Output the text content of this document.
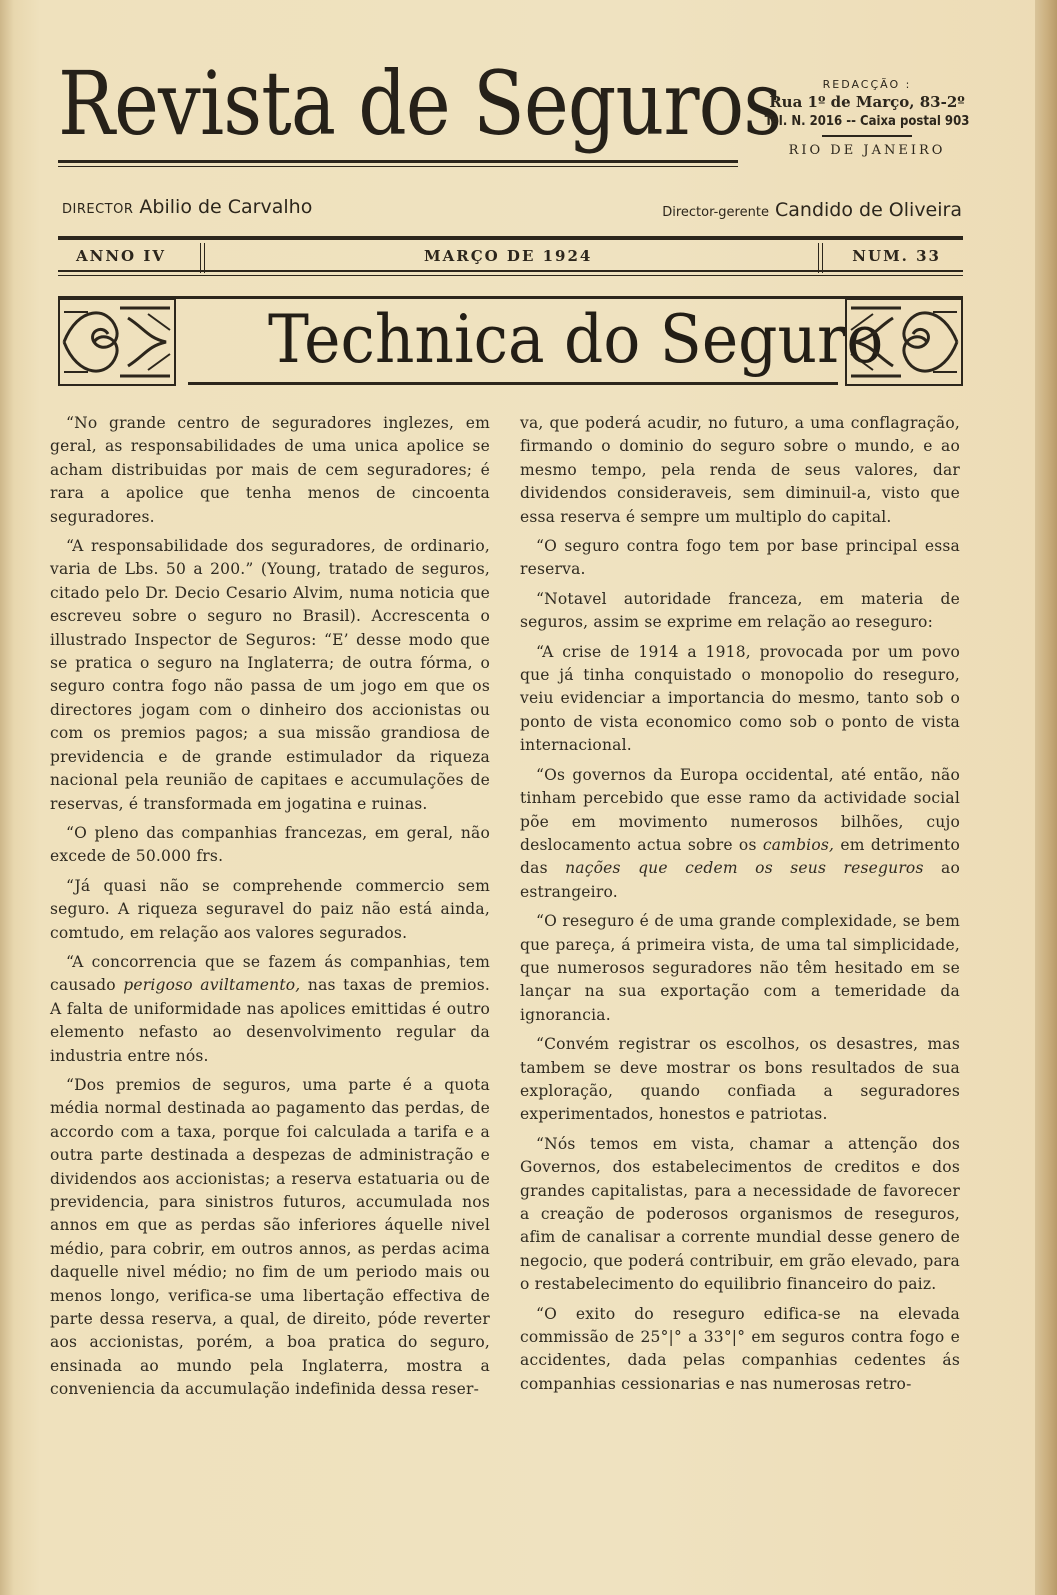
Revista de Seguros	REDACÇÃO :
Rua 1º de Março, 83-2º
Tel. N. 2016 -- Caixa postal 903
RIO DE JANEIRO
DIRECTOR Abilio de Carvalho	Director-gerente Candido de Oliveira
ANNO IV	MARÇO DE 1924	NUM. 33
Technica do Seguro

“No grande centro de seguradores inglezes, em geral, as responsabilidades de uma unica apolice se acham distribuidas por mais de cem seguradores; é rara a apolice que tenha menos de cincoenta seguradores.

“A responsabilidade dos seguradores, de ordinario, varia de Lbs. 50 a 200.” (Young, tratado de seguros, citado pelo Dr. Decio Cesario Alvim, numa noticia que escreveu sobre o seguro no Brasil). Accrescenta o illustrado Inspector de Seguros: “E’ desse modo que se pratica o seguro na Inglaterra; de outra fórma, o seguro contra fogo não passa de um jogo em que os directores jogam com o dinheiro dos accionistas ou com os premios pagos; a sua missão grandiosa de previdencia e de grande estimulador da riqueza nacional pela reunião de capitaes e accumulações de reservas, é transformada em jogatina e ruinas.

“O pleno das companhias francezas, em geral, não excede de 50.000 frs.

“Já quasi não se comprehende commercio sem seguro. A riqueza seguravel do paiz não está ainda, comtudo, em relação aos valores segurados.

“A concorrencia que se fazem ás companhias, tem causado perigoso aviltamento, nas taxas de premios. A falta de uniformidade nas apolices emittidas é outro elemento nefasto ao desenvolvimento regular da industria entre nós.

“Dos premios de seguros, uma parte é a quota média normal destinada ao pagamento das perdas, de accordo com a taxa, porque foi calculada a tarifa e a outra parte destinada a despezas de administração e dividendos aos accionistas; a reserva estatuaria ou de previdencia, para sinistros futuros, accumulada nos annos em que as perdas são inferiores áquelle nivel médio, para cobrir, em outros annos, as perdas acima daquelle nivel médio; no fim de um periodo mais ou menos longo, verifica-se uma libertação effectiva de parte dessa reserva, a qual, de direito, póde reverter aos accionistas, porém, a boa pratica do seguro, ensinada ao mundo pela Inglaterra, mostra a conveniencia da accumulação indefinida dessa reser-

va, que poderá acudir, no futuro, a uma conflagração, firmando o dominio do seguro sobre o mundo, e ao mesmo tempo, pela renda de seus valores, dar dividendos consideraveis, sem diminuil-a, visto que essa reserva é sempre um multiplo do capital.

“O seguro contra fogo tem por base principal essa reserva.

“Notavel autoridade franceza, em materia de seguros, assim se exprime em relação ao reseguro:

“A crise de 1914 a 1918, provocada por um povo que já tinha conquistado o monopolio do reseguro, veiu evidenciar a importancia do mesmo, tanto sob o ponto de vista economico como sob o ponto de vista internacional.

“Os governos da Europa occidental, até então, não tinham percebido que esse ramo da actividade social põe em movimento numerosos bilhões, cujo deslocamento actua sobre os cambios, em detrimento das nações que cedem os seus reseguros ao estrangeiro.

“O reseguro é de uma grande complexidade, se bem que pareça, á primeira vista, de uma tal simplicidade, que numerosos seguradores não têm hesitado em se lançar na sua exportação com a temeridade da ignorancia.

“Convém registrar os escolhos, os desastres, mas tambem se deve mostrar os bons resultados de sua exploração, quando confiada a seguradores experimentados, honestos e patriotas.

“Nós temos em vista, chamar a attenção dos Governos, dos estabelecimentos de creditos e dos grandes capitalistas, para a necessidade de favorecer a creação de poderosos organismos de reseguros, afim de canalisar a corrente mundial desse genero de negocio, que poderá contribuir, em grão elevado, para o restabelecimento do equilibrio financeiro do paiz.

“O exito do reseguro edifica-se na elevada commissão de 25°|° a 33°|° em seguros contra fogo e accidentes, dada pelas companhias cedentes ás companhias cessionarias e nas numerosas retro-
